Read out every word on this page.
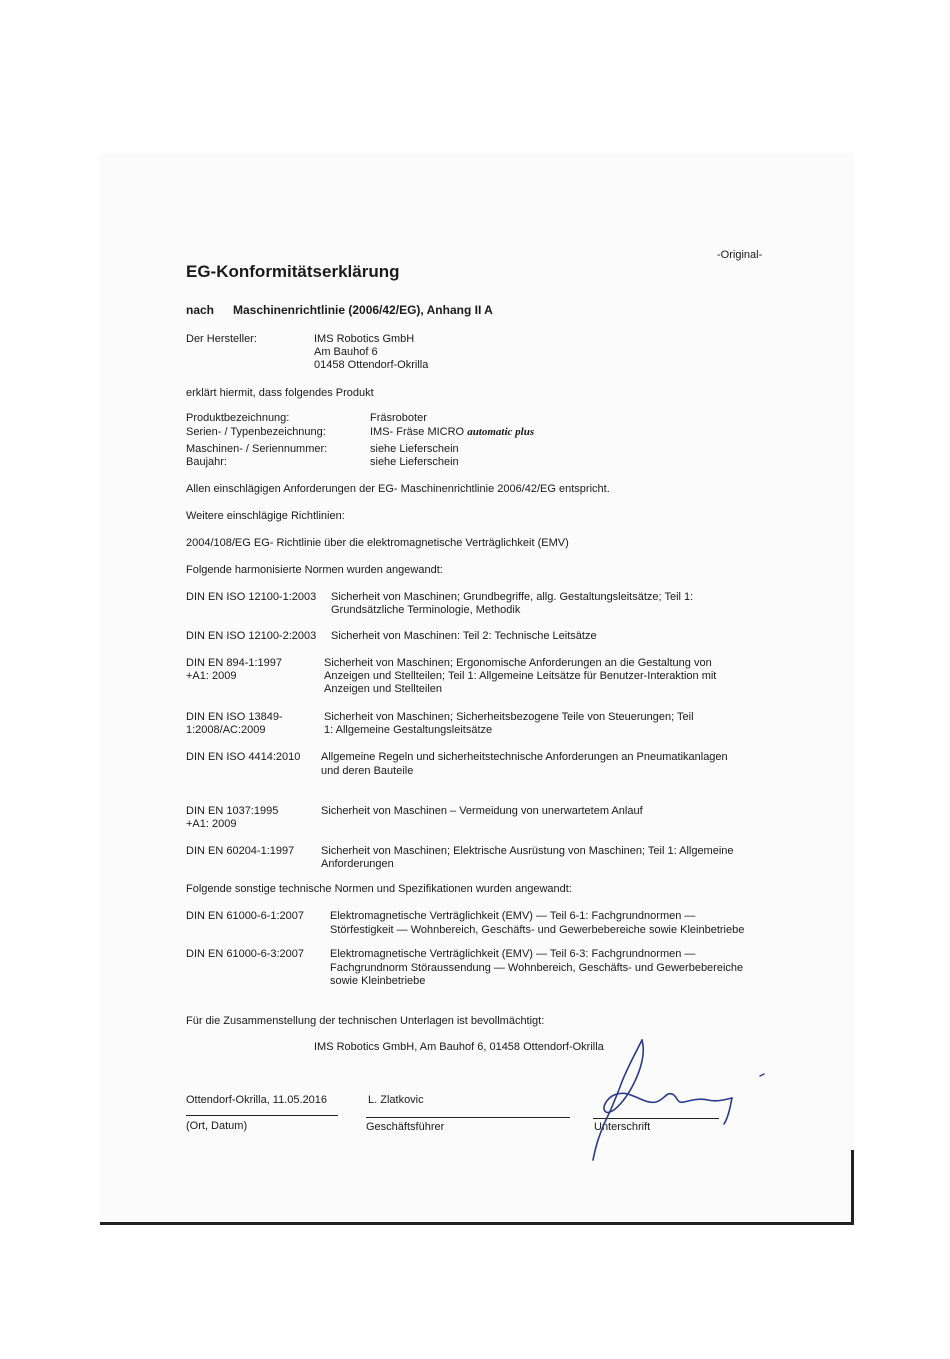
-Original-
EG-Konformitätserklärung
nach Maschinenrichtlinie (2006/42/EG), Anhang II A
Der Hersteller:	IMS Robotics GmbH
Am Bauhof 6
01458 Ottendorf-Okrilla
erklärt hiermit, dass folgendes Produkt
Produktbezeichnung:	Fräsroboter
Serien- / Typenbezeichnung:	IMS- Fräse MICRO automatic plus
Maschinen- / Seriennummer:	siehe Lieferschein
Baujahr:	siehe Lieferschein
Allen einschlägigen Anforderungen der EG- Maschinenrichtlinie 2006/42/EG entspricht.
Weitere einschlägige Richtlinien:
2004/108/EG EG- Richtlinie über die elektromagnetische Verträglichkeit (EMV)
Folgende harmonisierte Normen wurden angewandt:
DIN EN ISO 12100-1:2003 Sicherheit von Maschinen; Grundbegriffe, allg. Gestaltungsleitsätze; Teil 1:
Grundsätzliche Terminologie, Methodik
DIN EN ISO 12100-2:2003 Sicherheit von Maschinen: Teil 2: Technische Leitsätze
DIN EN 894-1:1997
+A1: 2009
Sicherheit von Maschinen; Ergonomische Anforderungen an die Gestaltung von
Anzeigen und Stellteilen; Teil 1: Allgemeine Leitsätze für Benutzer-Interaktion mit
Anzeigen und Stellteilen
DIN EN ISO 13849-
1:2008/AC:2009
Sicherheit von Maschinen; Sicherheitsbezogene Teile von Steuerungen; Teil
1: Allgemeine Gestaltungsleitsätze
DIN EN ISO 4414:2010 Allgemeine Regeln und sicherheitstechnische Anforderungen an Pneumatikanlagen
und deren Bauteile
DIN EN 1037:1995
+A1: 2009
Sicherheit von Maschinen – Vermeidung von unerwartetem Anlauf
DIN EN 60204-1:1997 Sicherheit von Maschinen; Elektrische Ausrüstung von Maschinen; Teil 1: Allgemeine
Anforderungen
Folgende sonstige technische Normen und Spezifikationen wurden angewandt:
DIN EN 61000-6-1:2007 Elektromagnetische Verträglichkeit (EMV) — Teil 6-1: Fachgrundnormen —
Störfestigkeit — Wohnbereich, Geschäfts- und Gewerbebereiche sowie Kleinbetriebe
DIN EN 61000-6-3:2007 Elektromagnetische Verträglichkeit (EMV) — Teil 6-3: Fachgrundnormen —
Fachgrundnorm Störaussendung — Wohnbereich, Geschäfts- und Gewerbebereiche
sowie Kleinbetriebe
Für die Zusammenstellung der technischen Unterlagen ist bevollmächtigt:
IMS Robotics GmbH, Am Bauhof 6, 01458 Ottendorf-Okrilla
Ottendorf-Okrilla, 11.05.2016
(Ort, Datum)
L. Zlatkovic
Geschäftsführer	Unterschrift
